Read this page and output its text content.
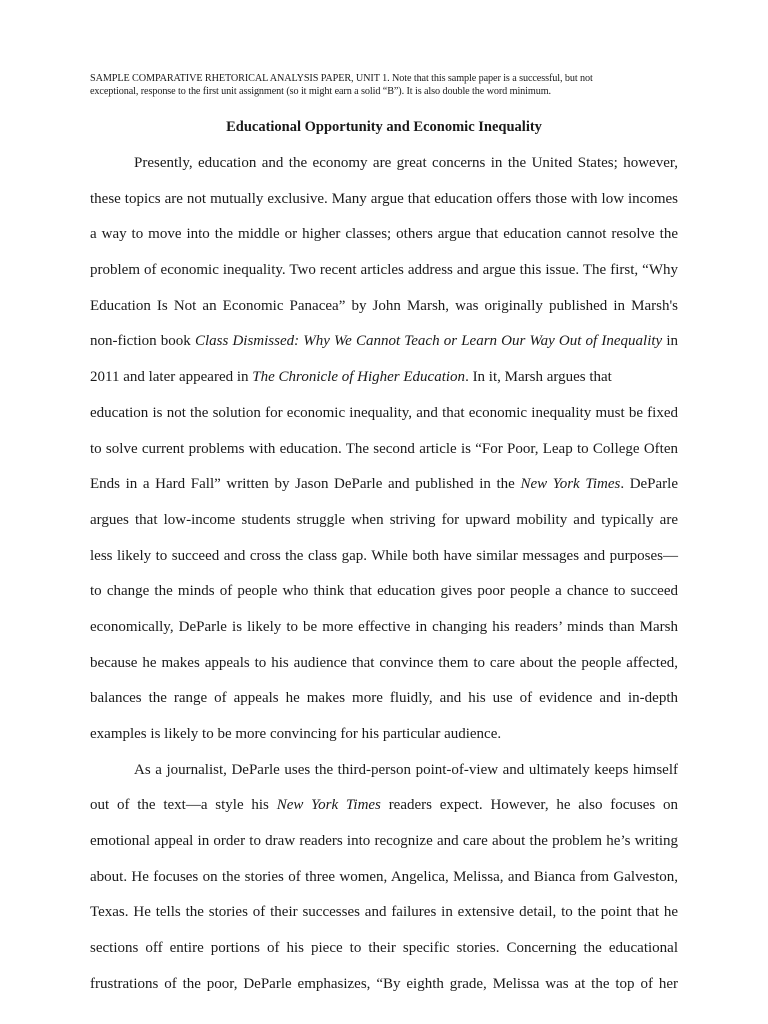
SAMPLE COMPARATIVE RHETORICAL ANALYSIS PAPER, UNIT 1. Note that this sample paper is a successful, but not
exceptional, response to the first unit assignment (so it might earn a solid “B”). It is also double the word minimum.

Educational Opportunity and Economic Inequality
Presently, education and the economy are great concerns in the United States; however,
these topics are not mutually exclusive. Many argue that education offers those with low incomes
a way to move into the middle or higher classes; others argue that education cannot resolve the
problem of economic inequality. Two recent articles address and argue this issue. The first, “Why
Education Is Not an Economic Panacea” by John Marsh, was originally published in Marsh's
non-fiction book Class Dismissed: Why We Cannot Teach or Learn Our Way Out of Inequality in
2011 and later appeared in The Chronicle of Higher Education. In it, Marsh argues that
education is not the solution for economic inequality, and that economic inequality must be fixed
to solve current problems with education. The second article is “For Poor, Leap to College Often
Ends in a Hard Fall” written by Jason DeParle and published in the New York Times. DeParle
argues that low-income students struggle when striving for upward mobility and typically are
less likely to succeed and cross the class gap. While both have similar messages and purposes—
to change the minds of people who think that education gives poor people a chance to succeed
economically, DeParle is likely to be more effective in changing his readers’ minds than Marsh
because he makes appeals to his audience that convince them to care about the people affected,
balances the range of appeals he makes more fluidly, and his use of evidence and in-depth
examples is likely to be more convincing for his particular audience.
As a journalist, DeParle uses the third-person point-of-view and ultimately keeps himself
out of the text—a style his New York Times readers expect. However, he also focuses on
emotional appeal in order to draw readers into recognize and care about the problem he’s writing
about. He focuses on the stories of three women, Angelica, Melissa, and Bianca from Galveston,
Texas. He tells the stories of their successes and failures in extensive detail, to the point that he
sections off entire portions of his piece to their specific stories. Concerning the educational
frustrations of the poor, DeParle emphasizes, “By eighth grade, Melissa was at the top of her
